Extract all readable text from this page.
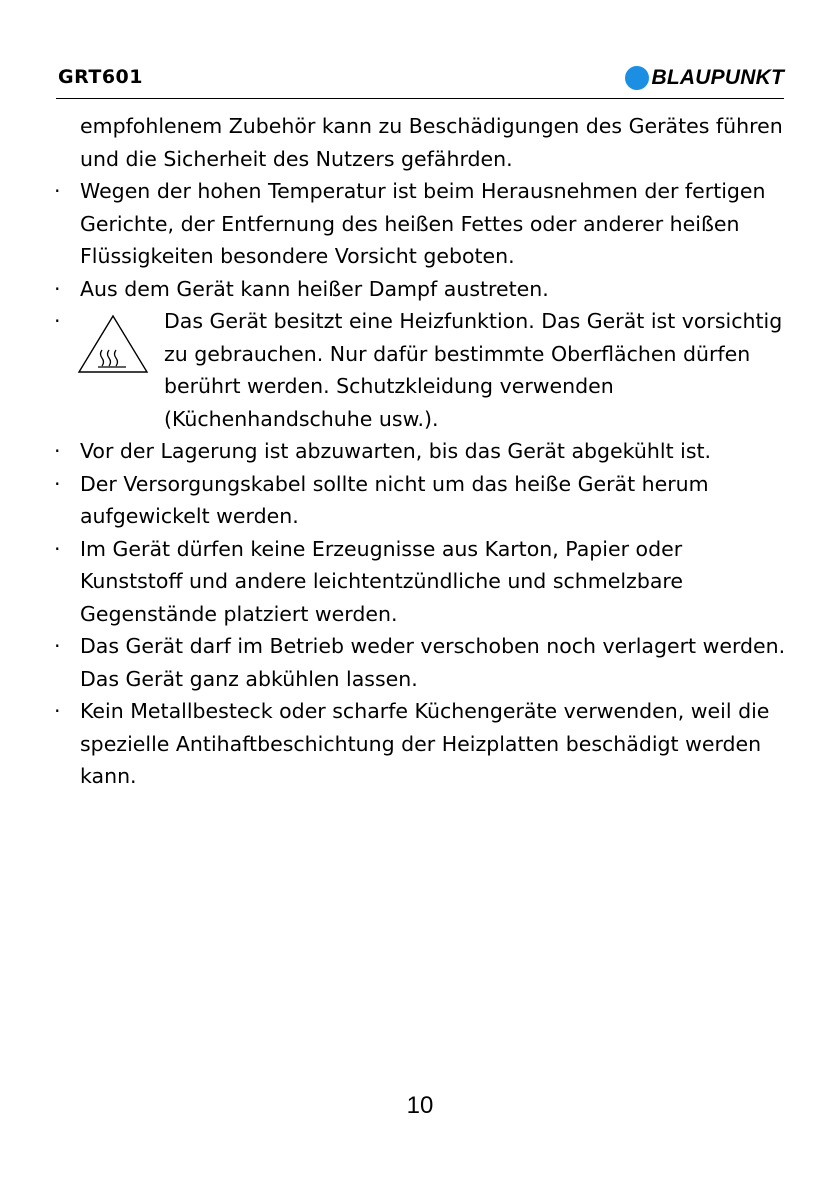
GRT601	BLAUPUNKT
empfohlenem Zubehör kann zu Beschädigungen des Gerätes führen und die Sicherheit des Nutzers gefährden.
· Wegen der hohen Temperatur ist beim Herausnehmen der fertigen Gerichte, der Entfernung des heißen Fettes oder anderer heißen Flüssigkeiten besondere Vorsicht geboten.
· Aus dem Gerät kann heißer Dampf austreten.
·	Das Gerät besitzt eine Heizfunktion. Das Gerät ist vorsichtig zu gebrauchen. Nur dafür bestimmte Oberflächen dürfen berührt werden. Schutzkleidung verwenden (Küchenhandschuhe usw.).
· Vor der Lagerung ist abzuwarten, bis das Gerät abgekühlt ist.
· Der Versorgungskabel sollte nicht um das heiße Gerät herum aufgewickelt werden.
· Im Gerät dürfen keine Erzeugnisse aus Karton, Papier oder Kunststoff und andere leichtentzündliche und schmelzbare Gegenstände platziert werden.
· Das Gerät darf im Betrieb weder verschoben noch verlagert werden. Das Gerät ganz abkühlen lassen.
· Kein Metallbesteck oder scharfe Küchengeräte verwenden, weil die spezielle Antihaftbeschichtung der Heizplatten beschädigt werden kann.
10
